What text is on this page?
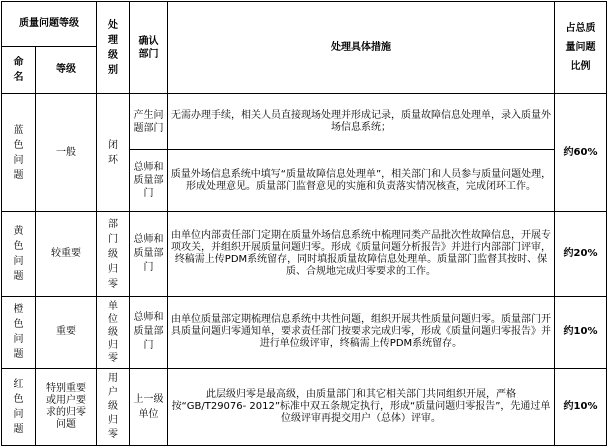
质量问题等级		处理级别	确认部门	处理具体措施	占总质量问题比例
命名	等级				
蓝色问题	一般	闭环	产生问题部门	无需办理手续，相关人员直接现场处理并形成记录，质量故障信息处理单，录入质量外场信息系统；	约60%
			总师和质量部门	质量外场信息系统中填写“质量故障信息处理单”，相关部门和人员参与质量问题处理，形成处理意见。质量部门监督意见的实施和负责落实情况核查，完成闭环工作。	
黄色问题	较重要	部门级归零	总师和质量部门	由单位内部责任部门定期在质量外场信息系统中梳理同类产品批次性故障信息，开展专项攻关，并组织开展质量问题归零。形成《质量问题分析报告》并进行内部部门评审，终稿需上传PDM系统留存，同时填报质量故障信息处理单。质量部门监督其按时、保质、合规地完成归零要求的工作。	约20%
橙色问题	重要	单位级归零	总师和质量部门	由单位质量部定期梳理信息系统中共性问题，组织开展共性质量问题归零。质量部门开具质量问题归零通知单，要求责任部门按要求完成归零，形成《质量问题归零报告》并进行单位级评审，终稿需上传PDM系统留存。	约10%
红色问题	特别重要或用户要求的归零问题	用户级归零	上一级单位	此层级归零是最高级，由质量部门和其它相关部门共同组织开展，严格按“GB/T29076- 2012”标准中双五条规定执行，形成“质量问题归零报告”，先通过单位级评审再提交用户（总体）评审。	约10%
